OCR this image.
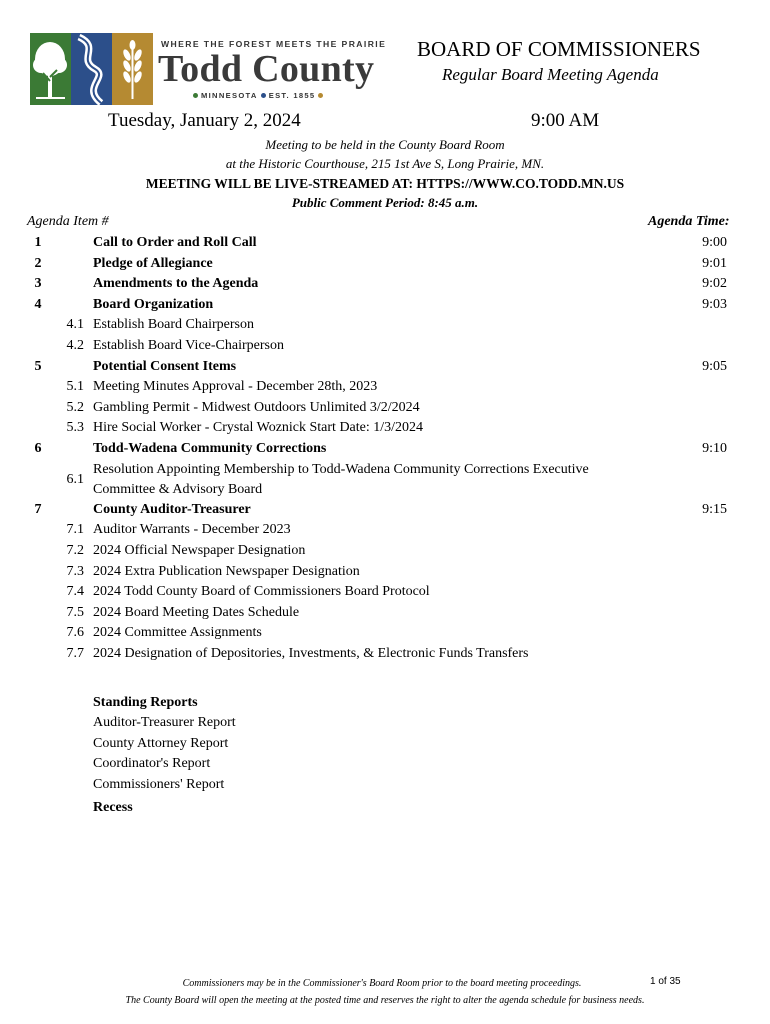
WHERE THE FOREST MEETS THE PRAIRIE
Todd County
MINNESOTA EST. 1855
BOARD OF COMMISSIONERS
Regular Board Meeting Agenda
Tuesday, January 2, 2024	9:00 AM
Meeting to be held in the County Board Room
at the Historic Courthouse, 215 1st Ave S, Long Prairie, MN.
MEETING WILL BE LIVE-STREAMED AT: HTTPS://WWW.CO.TODD.MN.US
Public Comment Period: 8:45 a.m.
Agenda Item #	Agenda Time:
1	Call to Order and Roll Call	9:00
2	Pledge of Allegiance	9:01
3	Amendments to the Agenda	9:02
4	Board Organization	9:03
4.1 Establish Board Chairperson
4.2 Establish Board Vice-Chairperson
5	Potential Consent Items	9:05
5.1 Meeting Minutes Approval - December 28th, 2023
5.2 Gambling Permit - Midwest Outdoors Unlimited 3/2/2024
5.3 Hire Social Worker - Crystal Woznick Start Date: 1/3/2024
6	Todd-Wadena Community Corrections	9:10
6.1
Resolution Appointing Membership to Todd-Wadena Community Corrections Executive
Committee & Advisory Board
7	County Auditor-Treasurer	9:15
7.1 Auditor Warrants - December 2023
7.2 2024 Official Newspaper Designation
7.3 2024 Extra Publication Newspaper Designation
7.4 2024 Todd County Board of Commissioners Board Protocol
7.5 2024 Board Meeting Dates Schedule
7.6 2024 Committee Assignments
7.7 2024 Designation of Depositories, Investments, & Electronic Funds Transfers
Standing Reports
Auditor-Treasurer Report
County Attorney Report
Coordinator's Report
Commissioners' Report
Recess
Commissioners may be in the Commissioner's Board Room prior to the board meeting proceedings.	1 of 35
The County Board will open the meeting at the posted time and reserves the right to alter the agenda schedule for business needs.
